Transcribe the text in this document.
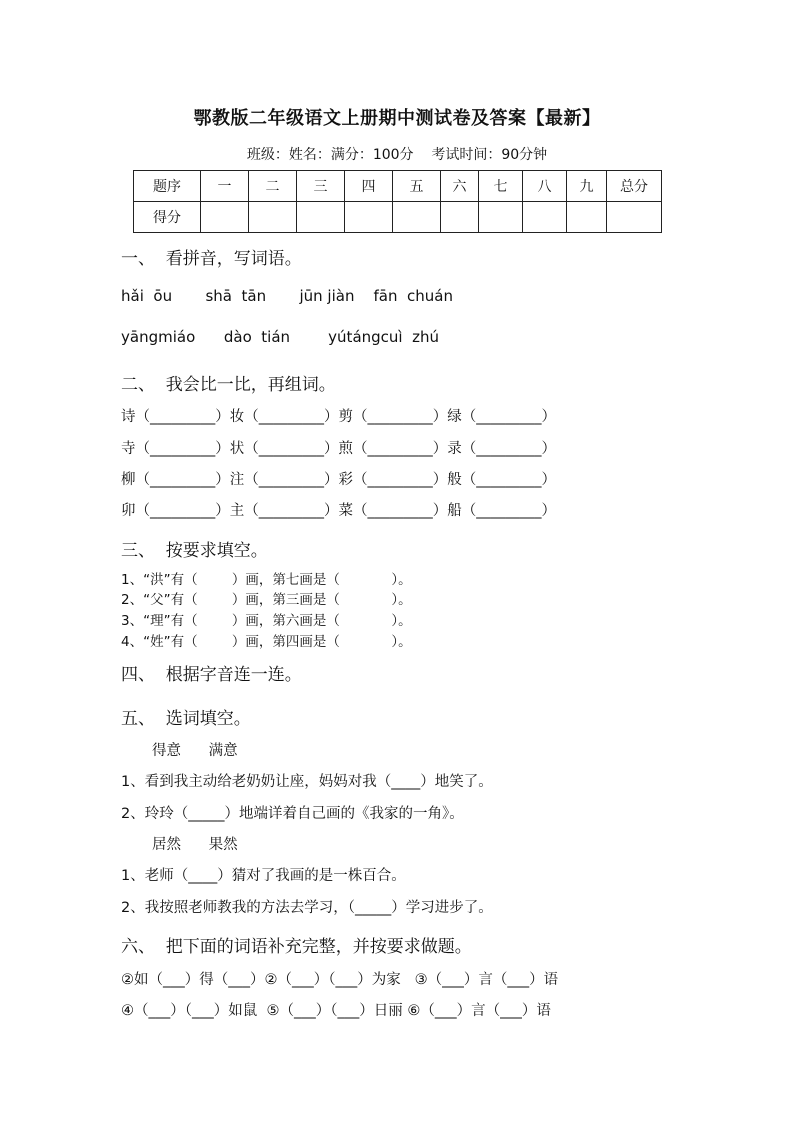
鄂教版二年级语文上册期中测试卷及答案【最新】
班级：姓名：满分：100分    考试时间：90分钟
题序	一	二	三	四	五	六	七	八	九	总分
得分										
一、  看拼音，写词语。
hǎi  ōu       shā  tān       jūn jiàn    fān  chuán
yāngmiáo      dào  tián        yútángcuì  zhú
二、  我会比一比，再组词。
诗（_________）妆（_________）剪（_________）绿（_________）
寺（_________）状（_________）煎（_________）录（_________）
柳（_________）注（_________）彩（_________）般（_________）
卯（_________）主（_________）菜（_________）船（_________）
三、  按要求填空。
1、“洪”有（        ）画，第七画是（            ）。
2、“父”有（        ）画，第三画是（            ）。
3、“理”有（        ）画，第六画是（            ）。
4、“姓”有（        ）画，第四画是（            ）。
四、  根据字音连一连。
五、  选词填空。
得意      满意
1、看到我主动给老奶奶让座，妈妈对我（____）地笑了。
2、玲玲（_____）地端详着自己画的《我家的一角》。
居然      果然
1、老师（____）猜对了我画的是一株百合。
2、我按照老师教我的方法去学习，（_____）学习进步了。
六、  把下面的词语补充完整，并按要求做题。
②如（___）得（___）②（___）（___）为家   ③（___）言（___）语
④（___）（___）如鼠  ⑤（___）（___）日丽 ⑥（___）言（___）语
